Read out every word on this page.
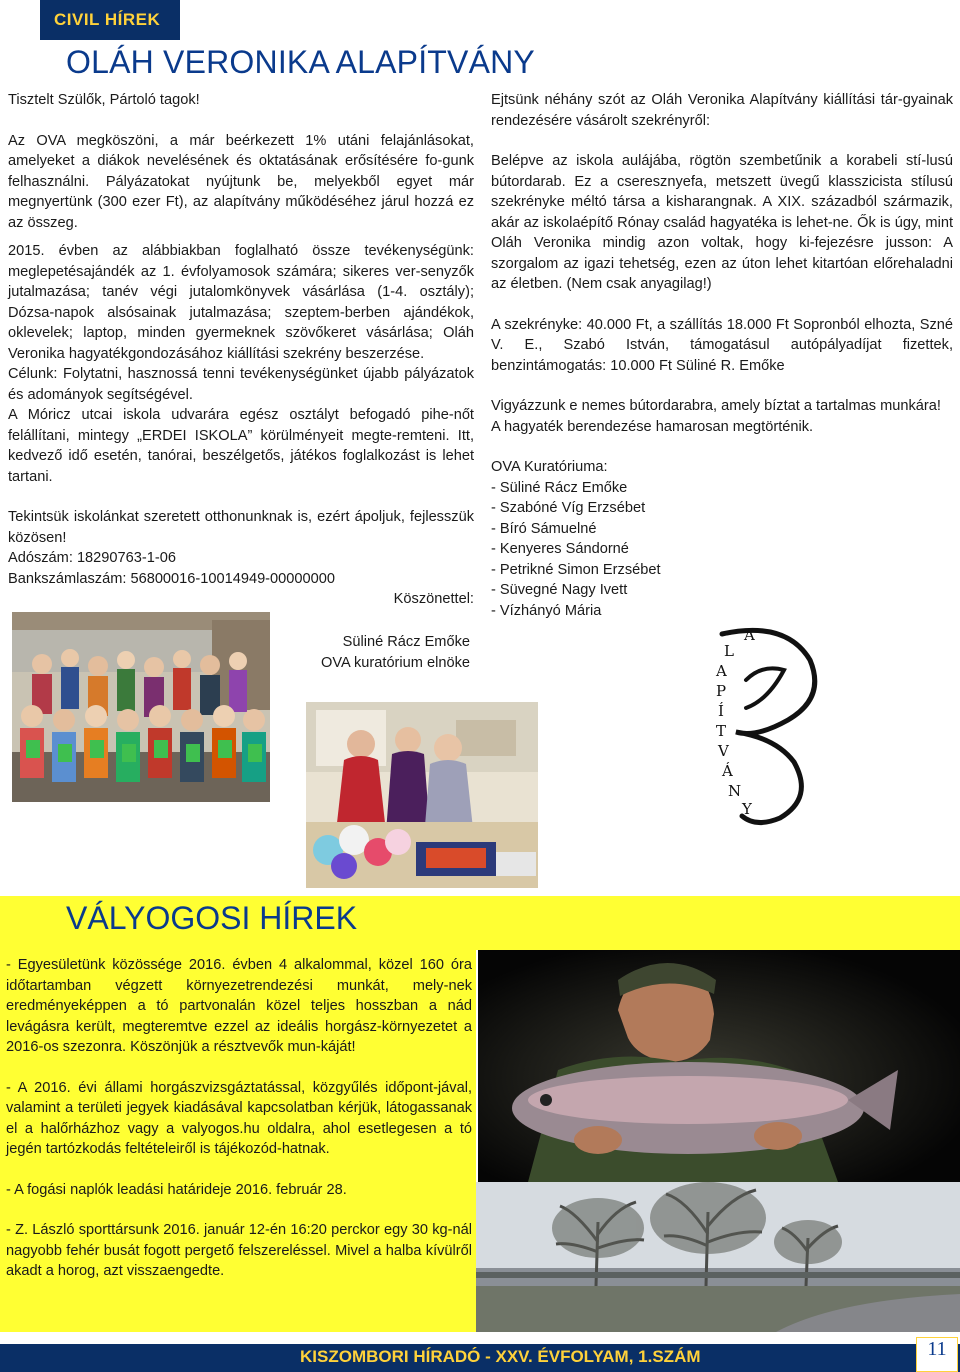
CIVIL HÍREK
OLÁH VERONIKA ALAPÍTVÁNY

Tisztelt Szülők, Pártoló tagok!

Az OVA megköszöni, a már beérkezett 1% utáni felajánlásokat, amelyeket a diákok nevelésének és oktatásának erősítésére fo-gunk felhasználni. Pályázatokat nyújtunk be, melyekből egyet már megnyertünk (300 ezer Ft), az alapítvány működéséhez járul hozzá ez az összeg.

2015. évben az alábbiakban foglalható össze tevékenységünk: meglepetésajándék az 1. évfolyamosok számára; sikeres ver-senyzők jutalmazása; tanév végi jutalomkönyvek vásárlása (1-4. osztály); Dózsa-napok alsósainak jutalmazása; szeptem-berben ajándékok, oklevelek; laptop, minden gyermeknek szövőkeret vásárlása; Oláh Veronika hagyatékgondozásához kiállítási szekrény beszerzése.

Célunk: Folytatni, hasznossá tenni tevékenységünket újabb pályázatok és adományok segítségével.

A Móricz utcai iskola udvarára egész osztályt befogadó pihe-nőt felállítani, mintegy „ERDEI ISKOLA” körülményeit megte-remteni. Itt, kedvező idő esetén, tanórai, beszélgetős, játékos foglalkozást is lehet tartani.

Tekintsük iskolánkat szeretett otthonunknak is, ezért ápoljuk, fejlesszük közösen!

Adószám: 18290763-1-06

Bankszámlaszám: 56800016-10014949-00000000

Köszönettel:

Süliné Rácz Emőke

OVA kuratórium elnöke

Ejtsünk néhány szót az Oláh Veronika Alapítvány kiállítási tár-gyainak rendezésére vásárolt szekrényről:

Belépve az iskola aulájába, rögtön szembetűnik a korabeli stí-lusú bútordarab. Ez a cseresznyefa, metszett üvegű klasszicista stílusú szekrényke méltó társa a kisharangnak. A XIX. századból származik, akár az iskolaépítő Rónay család hagyatéka is lehet-ne. Ők is úgy, mint Oláh Veronika mindig azon voltak, hogy ki-fejezésre jusson: A szorgalom az igazi tehetség, ezen az úton lehet kitartóan előrehaladni az életben. (Nem csak anyagilag!)

A szekrényke: 40.000 Ft, a szállítás 18.000 Ft Sopronból elhozta, Szné V. E., Szabó István, támogatásul autópályadíjat fizettek, benzintámogatás: 10.000 Ft Süliné R. Emőke

Vigyázzunk e nemes bútordarabra, amely bíztat a tartalmas munkára!

A hagyaték berendezése hamarosan megtörténik.

OVA Kuratóriuma:

- Süliné Rácz Emőke

- Szabóné Víg Erzsébet

- Bíró Sámuelné

- Kenyeres Sándorné

- Petrikné Simon Erzsébet

- Süvegné Nagy Ivett

- Vízhányó Mária

A
L
A
P
Í
T
V
Á
N
Y
VÁLYOGOSI HÍREK

- Egyesületünk közössége 2016. évben 4 alkalommal, közel 160 óra időtartamban végzett környezetrendezési munkát, mely-nek eredményeképpen a tó partvonalán közel teljes hosszban a nád levágásra került, megteremtve ezzel az ideális horgász-környezetet a 2016-os szezonra. Köszönjük a résztvevők mun-káját!

- A 2016. évi állami horgászvizsgáztatással, közgyűlés időpont-jával, valamint a területi jegyek kiadásával kapcsolatban kérjük, látogassanak el a halőrházhoz vagy a valyogos.hu oldalra, ahol esetlegesen a tó jegén tartózkodás feltételeiről is tájékozód-hatnak.

- A fogási naplók leadási határideje 2016. február 28.

- Z. László sporttársunk 2016. január 12-én 16:20 perckor egy 30 kg-nál nagyobb fehér busát fogott pergető felszereléssel. Mivel a halba kívülről akadt a horog, azt visszaengedte.

KISZOMBORI HÍRADÓ - XXV. ÉVFOLYAM, 1.SZÁM	11
